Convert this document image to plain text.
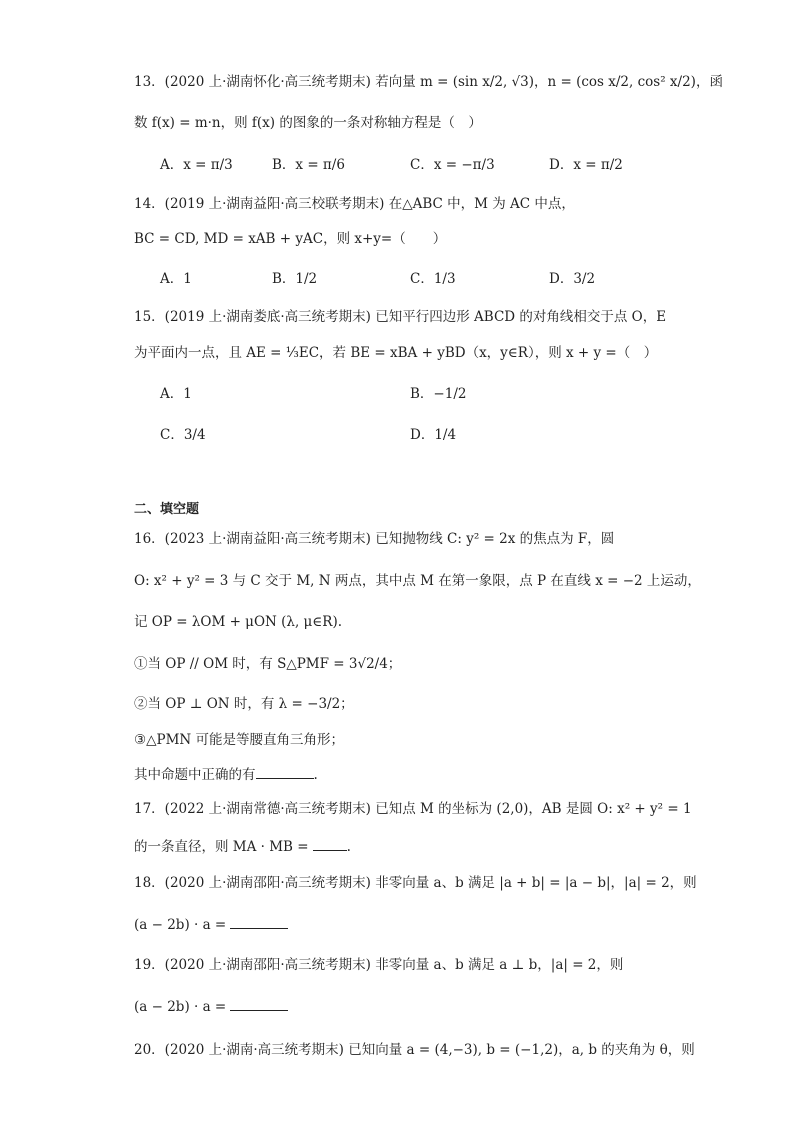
13．(2020 上·湖南怀化·高三统考期末) 若向量 m = (sin x/2, √3)，n = (cos x/2, cos² x/2)，函
数 f(x) = m·n，则 f(x) 的图象的一条对称轴方程是（　）
A．x = π/3	B．x = π/6	C．x = −π/3	D．x = π/2
14．(2019 上·湖南益阳·高三校联考期末) 在△ABC 中，M 为 AC 中点，
BC = CD, MD = xAB + yAC，则 x+y=（　　）
A．1	B．1/2	C．1/3	D．3/2
15．(2019 上·湖南娄底·高三统考期末) 已知平行四边形 ABCD 的对角线相交于点 O，E
为平面内一点，且 AE = ⅓EC，若 BE = xBA + yBD（x，y∈R），则 x + y =（　）
A．1	B．−1/2
C．3/4	D．1/4
二、填空题
16．(2023 上·湖南益阳·高三统考期末) 已知抛物线 C: y² = 2x 的焦点为 F，圆
O: x² + y² = 3 与 C 交于 M, N 两点，其中点 M 在第一象限，点 P 在直线 x = −2 上运动，
记 OP = λOM + μON (λ, μ∈R).
①当 OP // OM 时，有 S△PMF = 3√2/4；
②当 OP ⊥ ON 时，有 λ = −3/2；
③△PMN 可能是等腰直角三角形；
其中命题中正确的有	.
17．(2022 上·湖南常德·高三统考期末) 已知点 M 的坐标为 (2,0)，AB 是圆 O: x² + y² = 1
的一条直径，则 MA · MB =	.
18．(2020 上·湖南邵阳·高三统考期末) 非零向量 a、b 满足 |a + b| = |a − b|，|a| = 2，则
(a − 2b) · a =
19．(2020 上·湖南邵阳·高三统考期末) 非零向量 a、b 满足 a ⊥ b，|a| = 2，则
(a − 2b) · a =
20．(2020 上·湖南·高三统考期末) 已知向量 a = (4,−3), b = (−1,2)，a, b 的夹角为 θ，则
